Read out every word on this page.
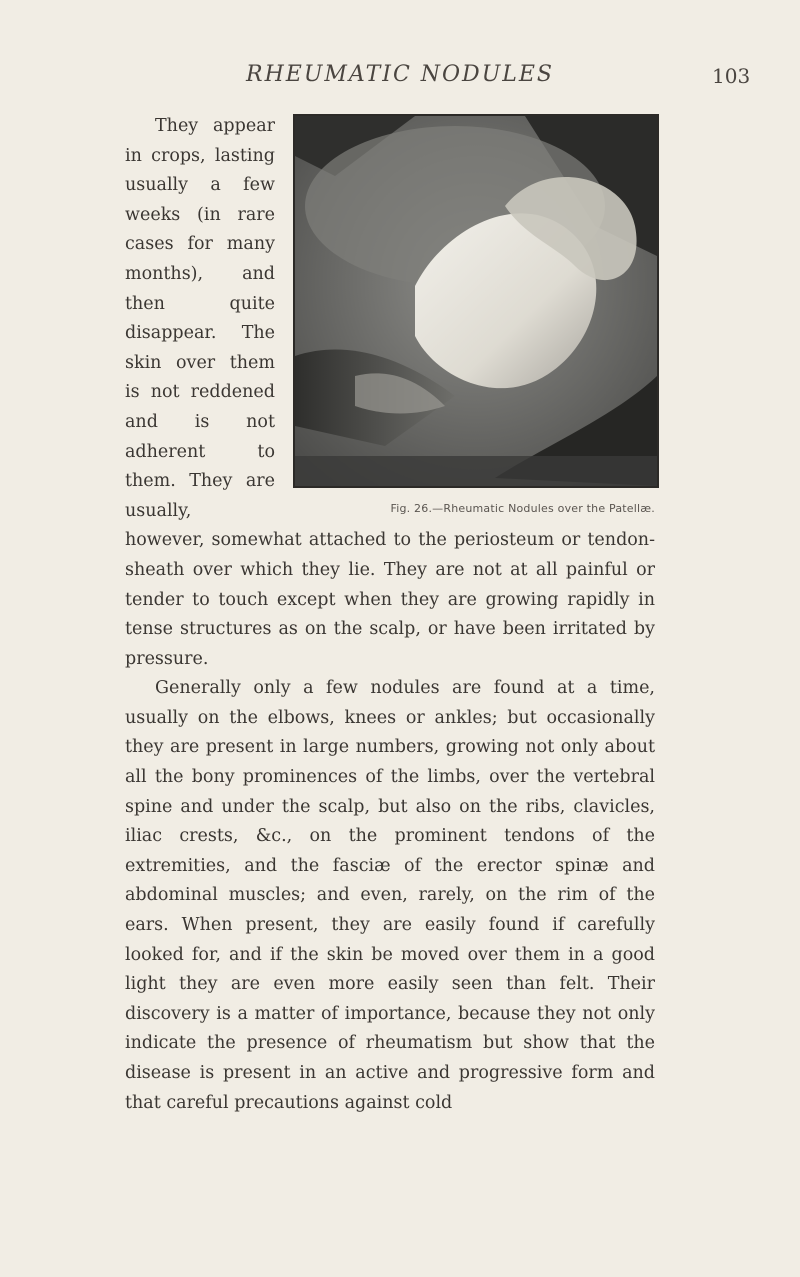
RHEUMATIC NODULES	103
Fig. 26.—Rheumatic Nodules over the Patellæ.

They appear in crops, lasting usually a few weeks (in rare cases for many months), and then quite disappear. The skin over them is not reddened and is not adherent to them. They are usually, however, somewhat attached to the periosteum or tendon-sheath over which they lie. They are not at all painful or tender to touch except when they are growing rapidly in tense structures as on the scalp, or have been irritated by pressure.

Generally only a few nodules are found at a time, usually on the elbows, knees or ankles; but occasionally they are present in large numbers, growing not only about all the bony prominences of the limbs, over the vertebral spine and under the scalp, but also on the ribs, clavicles, iliac crests, &c., on the prominent tendons of the extremities, and the fasciæ of the erector spinæ and abdominal muscles; and even, rarely, on the rim of the ears. When present, they are easily found if carefully looked for, and if the skin be moved over them in a good light they are even more easily seen than felt. Their discovery is a matter of importance, because they not only indicate the presence of rheumatism but show that the disease is present in an active and progressive form and that careful precautions against cold
